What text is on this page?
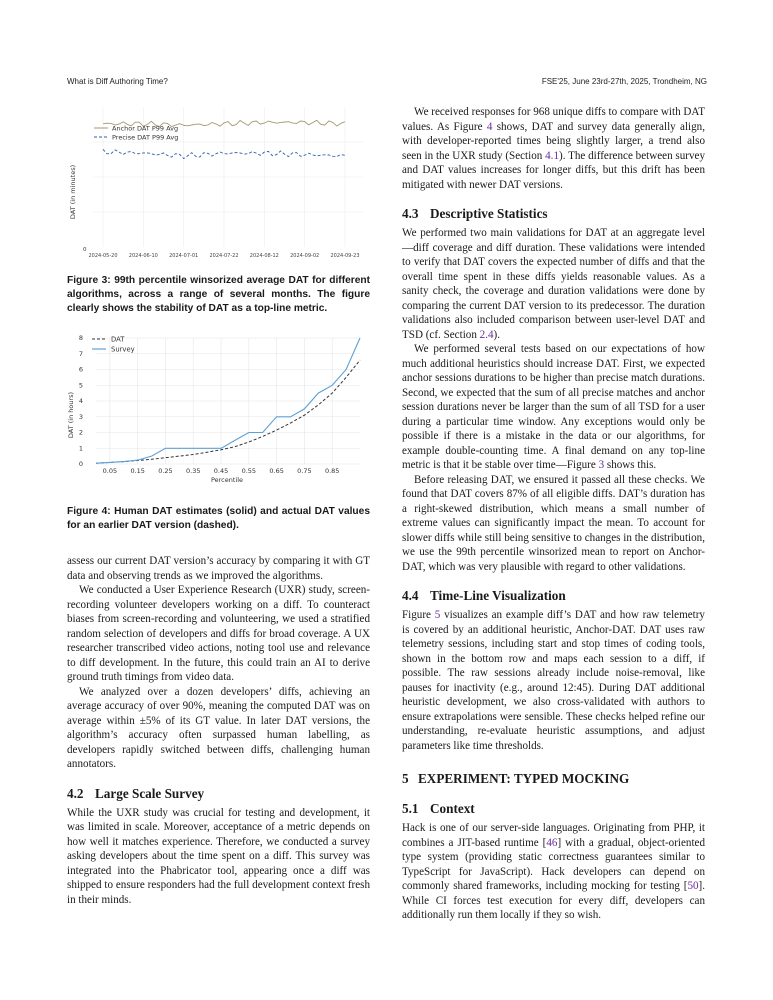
What is Diff Authoring Time?	FSE'25, June 23rd-27th, 2025, Trondheim, NG
DAT (in minutes)
0
2024-05-20 2024-06-10 2024-07-01 2024-07-22 2024-08-12 2024-09-02 2024-09-23
Anchor DAT P99 Avg
Precise DAT P99 Avg

Figure 3: 99th percentile winsorized average DAT for different algorithms, across a range of several months. The figure clearly shows the stability of DAT as a top-line metric.

DAT (in hours)
Percentile
0
1
2
3
4
5
6
7
8
0.05 0.15 0.25 0.35 0.45 0.55 0.65 0.75 0.85
DAT
Survey

Figure 4: Human DAT estimates (solid) and actual DAT values for an earlier DAT version (dashed).

assess our current DAT version’s accuracy by comparing it with GT data and observing trends as we improved the algorithms.

We conducted a User Experience Research (UXR) study, screen-recording volunteer developers working on a diff. To counteract biases from screen-recording and volunteering, we used a stratified random selection of developers and diffs for broad coverage. A UX researcher transcribed video actions, noting tool use and relevance to diff development. In the future, this could train an AI to derive ground truth timings from video data.

We analyzed over a dozen developers’ diffs, achieving an average accuracy of over 90%, meaning the computed DAT was on average within ±5% of its GT value. In later DAT versions, the algorithm’s accuracy often surpassed human labelling, as developers rapidly switched between diffs, challenging human annotators.

4.2 Large Scale Survey

While the UXR study was crucial for testing and development, it was limited in scale. Moreover, acceptance of a metric depends on how well it matches experience. Therefore, we conducted a survey asking developers about the time spent on a diff. This survey was integrated into the Phabricator tool, appearing once a diff was shipped to ensure responders had the full development context fresh in their minds.

We received responses for 968 unique diffs to compare with DAT values. As Figure 4 shows, DAT and survey data generally align, with developer-reported times being slightly larger, a trend also seen in the UXR study (Section 4.1). The difference between survey and DAT values increases for longer diffs, but this drift has been mitigated with newer DAT versions.

4.3 Descriptive Statistics

We performed two main validations for DAT at an aggregate level—diff coverage and diff duration. These validations were intended to verify that DAT covers the expected number of diffs and that the overall time spent in these diffs yields reasonable values. As a sanity check, the coverage and duration validations were done by comparing the current DAT version to its predecessor. The duration validations also included comparison between user-level DAT and TSD (cf. Section 2.4).

We performed several tests based on our expectations of how much additional heuristics should increase DAT. First, we expected anchor sessions durations to be higher than precise match durations. Second, we expected that the sum of all precise matches and anchor session durations never be larger than the sum of all TSD for a user during a particular time window. Any exceptions would only be possible if there is a mistake in the data or our algorithms, for example double-counting time. A final demand on any top-line metric is that it be stable over time—Figure 3 shows this.

Before releasing DAT, we ensured it passed all these checks. We found that DAT covers 87% of all eligible diffs. DAT’s duration has a right-skewed distribution, which means a small number of extreme values can significantly impact the mean. To account for slower diffs while still being sensitive to changes in the distribution, we use the 99th percentile winsorized mean to report on Anchor-DAT, which was very plausible with regard to other validations.

4.4 Time-Line Visualization

Figure 5 visualizes an example diff’s DAT and how raw telemetry is covered by an additional heuristic, Anchor-DAT. DAT uses raw telemetry sessions, including start and stop times of coding tools, shown in the bottom row and maps each session to a diff, if possible. The raw sessions already include noise-removal, like pauses for inactivity (e.g., around 12:45). During DAT additional heuristic development, we also cross-validated with authors to ensure extrapolations were sensible. These checks helped refine our understanding, re-evaluate heuristic assumptions, and adjust parameters like time thresholds.

5 EXPERIMENT: TYPED MOCKING
5.1 Context

Hack is one of our server-side languages. Originating from PHP, it combines a JIT-based runtime [46] with a gradual, object-oriented type system (providing static correctness guarantees similar to TypeScript for JavaScript). Hack developers can depend on commonly shared frameworks, including mocking for testing [50]. While CI forces test execution for every diff, developers can additionally run them locally if they so wish.
